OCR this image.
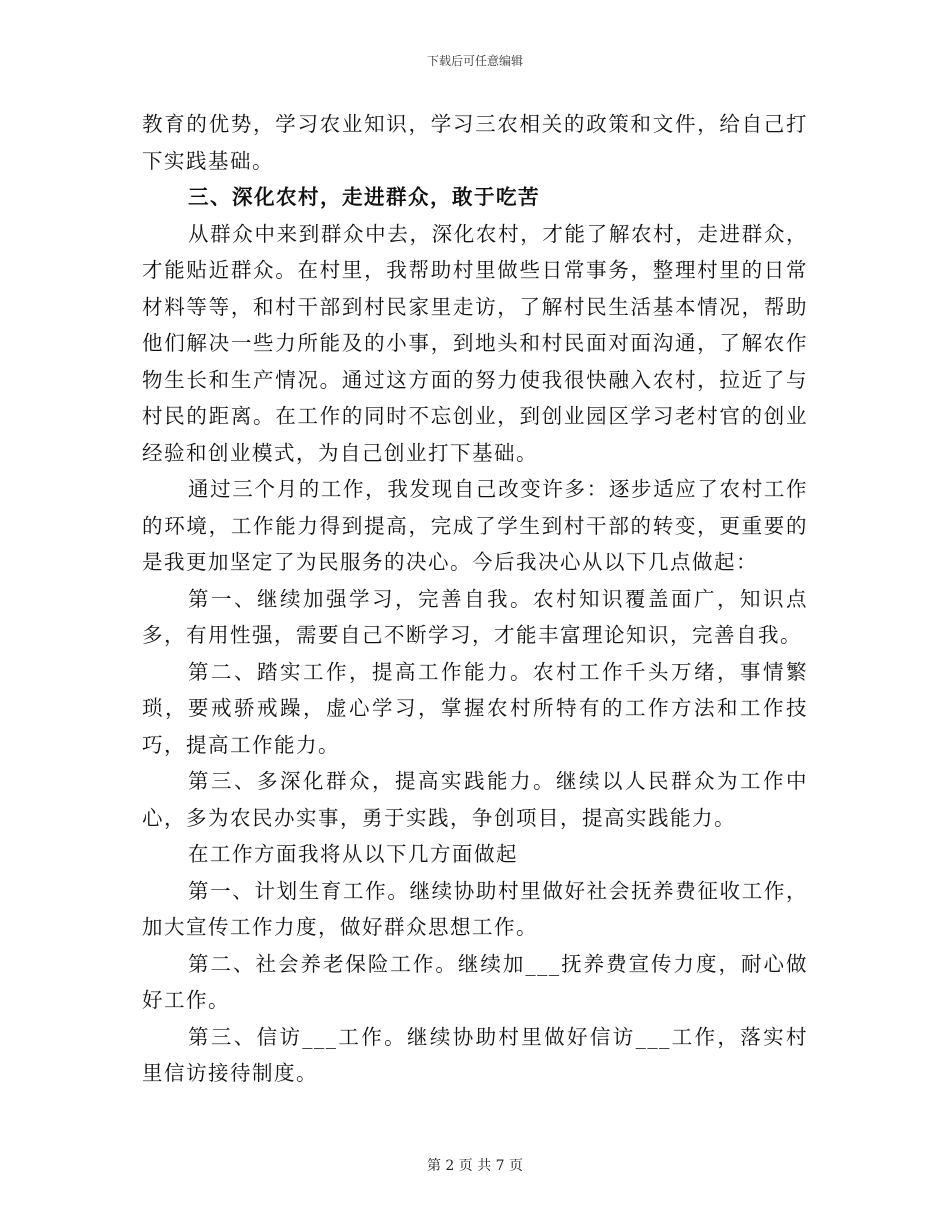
下载后可任意编辑

教育的优势，学习农业知识，学习三农相关的政策和文件，给自己打下实践基础。

三、深化农村，走进群众，敢于吃苦

从群众中来到群众中去，深化农村，才能了解农村，走进群众，才能贴近群众。在村里，我帮助村里做些日常事务，整理村里的日常材料等等，和村干部到村民家里走访，了解村民生活基本情况，帮助他们解决一些力所能及的小事，到地头和村民面对面沟通，了解农作物生长和生产情况。通过这方面的努力使我很快融入农村，拉近了与村民的距离。在工作的同时不忘创业，到创业园区学习老村官的创业经验和创业模式，为自己创业打下基础。

通过三个月的工作，我发现自己改变许多：逐步适应了农村工作的环境，工作能力得到提高，完成了学生到村干部的转变，更重要的是我更加坚定了为民服务的决心。今后我决心从以下几点做起：

第一、继续加强学习，完善自我。农村知识覆盖面广，知识点多，有用性强，需要自己不断学习，才能丰富理论知识，完善自我。

第二、踏实工作，提高工作能力。农村工作千头万绪，事情繁琐，要戒骄戒躁，虚心学习，掌握农村所特有的工作方法和工作技巧，提高工作能力。

第三、多深化群众，提高实践能力。继续以人民群众为工作中心，多为农民办实事，勇于实践，争创项目，提高实践能力。

在工作方面我将从以下几方面做起

第一、计划生育工作。继续协助村里做好社会抚养费征收工作，加大宣传工作力度，做好群众思想工作。

第二、社会养老保险工作。继续加___抚养费宣传力度，耐心做好工作。

第三、信访___工作。继续协助村里做好信访___工作，落实村里信访接待制度。

第 2 页 共 7 页
